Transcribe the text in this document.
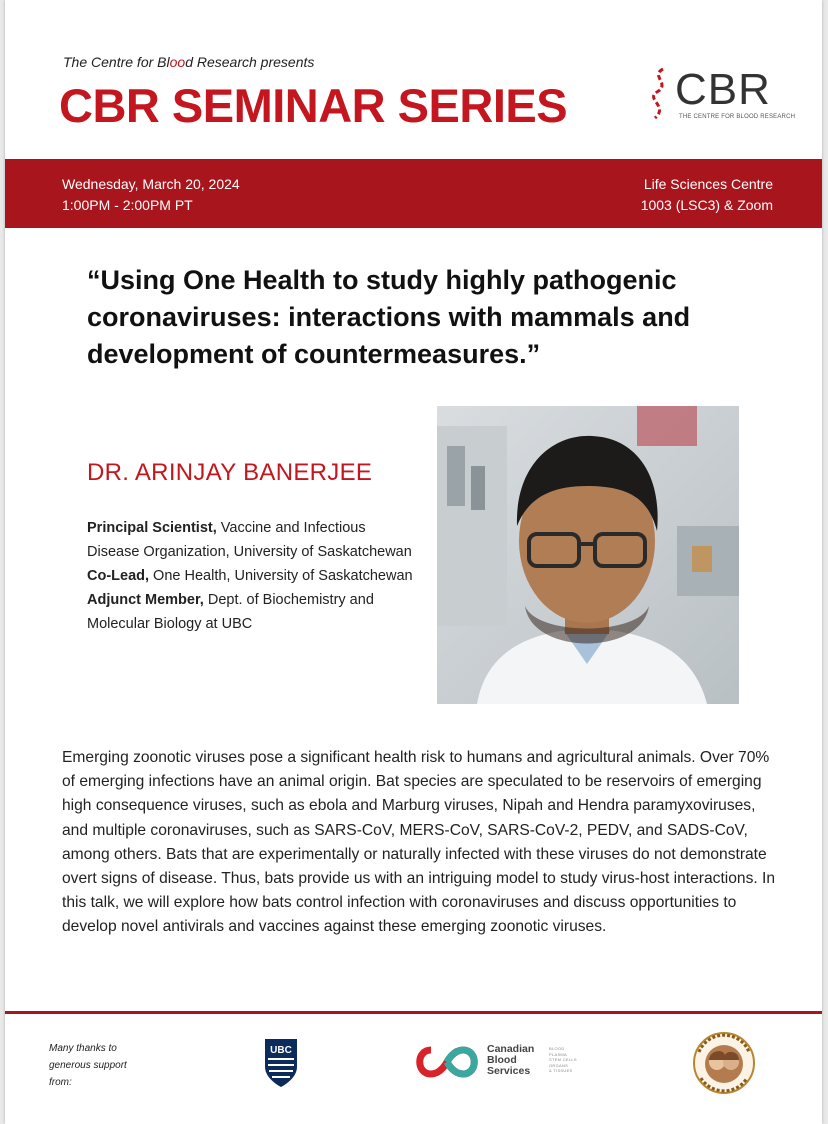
The Centre for Blood Research presents
CBR SEMINAR SERIES CBR
THE CENTRE FOR BLOOD RESEARCH
Wednesday, March 20, 2024
1:00PM - 2:00PM PT
Life Sciences Centre
1003 (LSC3) & Zoom
“Using One Health to study highly pathogenic coronaviruses: interactions with mammals and development of countermeasures.”
DR. ARINJAY BANERJEE
Principal Scientist, Vaccine and Infectious Disease Organization, University of Saskatchewan
Co-Lead, One Health, University of Saskatchewan
Adjunct Member, Dept. of Biochemistry and Molecular Biology at UBC
Emerging zoonotic viruses pose a significant health risk to humans and agricultural animals. Over 70% of emerging infections have an animal origin. Bat species are speculated to be reservoirs of emerging high consequence viruses, such as ebola and Marburg viruses, Nipah and Hendra paramyxoviruses, and multiple coronaviruses, such as SARS-CoV, MERS-CoV, SARS-CoV-2, PEDV, and SADS-CoV, among others. Bats that are experimentally or naturally infected with these viruses do not demonstrate overt signs of disease. Thus, bats provide us with an intriguing model to study virus-host interactions. In this talk, we will explore how bats control infection with coronaviruses and discuss opportunities to develop novel antivirals and vaccines against these emerging zoonotic viruses.
Many thanks to generous support from:
UBC	Canadian
Blood
Services
BLOOD
PLASMA
STEM CELLS
ORGANS
& TISSUES
